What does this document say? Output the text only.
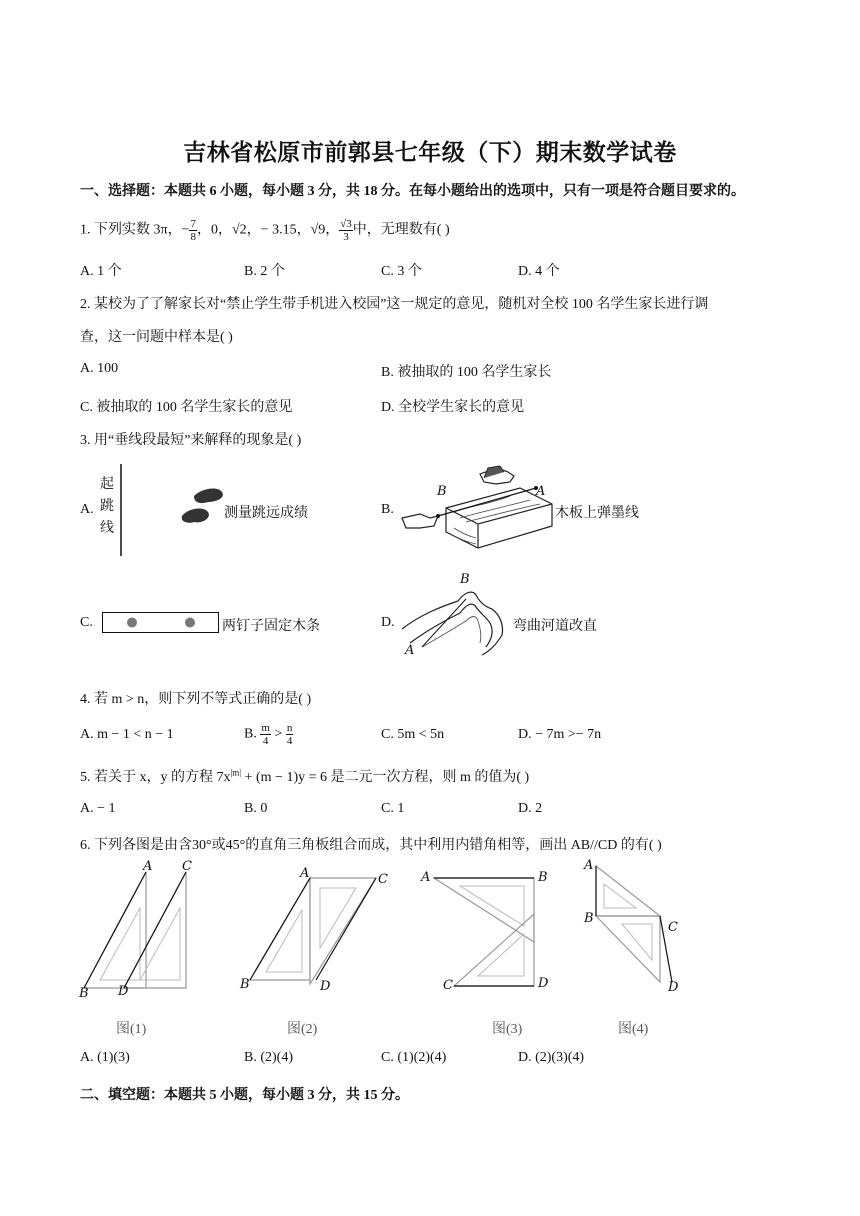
吉林省松原市前郭县七年级（下）期末数学试卷
一、选择题：本题共 6 小题，每小题 3 分，共 18 分。在每小题给出的选项中，只有一项是符合题目要求的。
1. 下列实数 3π，− $\frac{7}{8}$ ，0，√2，− 3.15，√9， $\frac{√3}{3}$ 中，无理数有( )
A. 1 个	B. 2 个	C. 3 个	D. 4 个
2. 某校为了了解家长对“禁止学生带手机进入校园”这一规定的意见，随机对全校 100 名学生家长进行调
查，这一问题中样本是( )
A. 100	B. 被抽取的 100 名学生家长
C. 被抽取的 100 名学生家长的意见	D. 全校学生家长的意见
3. 用“垂线段最短”来解释的现象是( )
A.
起
跳
线
测量跳远成绩	B.
B	A
木板上弹墨线
C.	两钉子固定木条	D.
B
A
弯曲河道改直
4. 若 m > n，则下列不等式正确的是( )
A. m − 1 < n − 1	B. $\frac{m}{4} > \frac{n}{4}$	C. 5m < 5n	D. − 7m >− 7n
5. 若关于 x，y 的方程 $7x^{|m|} + (m - 1)y = 6$ 是二元一次方程，则 m 的值为( )
A. − 1	B. 0	C. 1	D. 2
6. 下列各图是由含30°或45°的直角三角板组合而成，其中利用内错角相等，画出 AB//CD 的有( )
A C
B D
图(1)
A	C
B	D
图(2)
A	B
C	D
图(3)
A
B
C
D
图(4)
A. (1)(3)	B. (2)(4)	C. (1)(2)(4)	D. (2)(3)(4)
二、填空题：本题共 5 小题，每小题 3 分，共 15 分。
